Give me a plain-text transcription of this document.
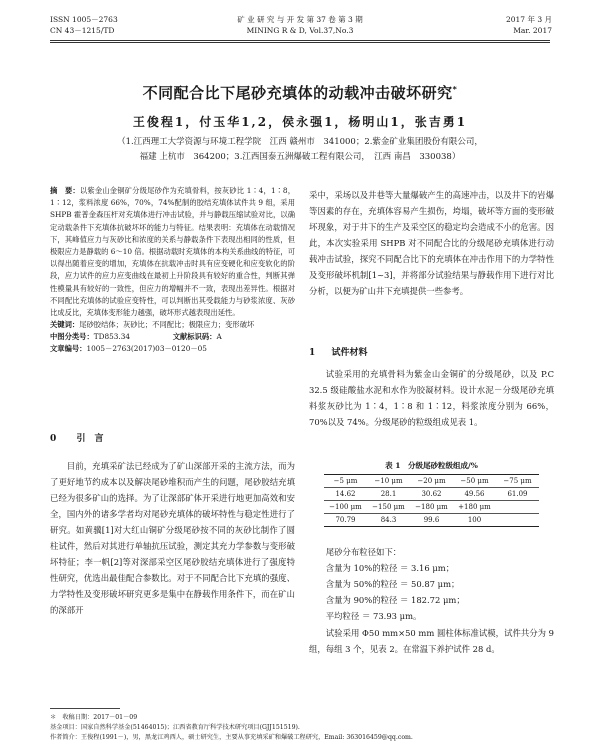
ISSN 1005－2763
CN 43－1215/TD
矿 业 研 究 与 开 发 第 37 卷 第 3 期
MINING R & D, Vol.37,No.3
2017 年 3 月
Mar. 2017
不同配合比下尾砂充填体的动载冲击破坏研究*
王俊程1，付玉华1,2，侯永强1，杨明山1，张吉勇1
（1.江西理工大学资源与环境工程学院　江西 赣州市　341000；2.紫金矿业集团股份有限公司，
福建 上杭市　364200；3.江西国泰五洲爆破工程有限公司，　江西 南昌　330038）
摘　要：以紫金山金铜矿分级尾砂作为充填骨料，按灰砂比 1∶4，1∶8，1∶12，浆料浓度 66%，70%，74%配制的胶结充填体试件共 9 组，采用 SHPB 霍普金森压杆对充填体进行冲击试验，并与静载压缩试验对比，以确定动载条件下充填体抗破坏坏的能力与特征。结果表明：充填体在动载情况下，其峰值应力与灰砂比和浓度的关系与静载条件下表现出相同的性质，但极限应力是静载的 6～10 倍。根据动载时充填体的本构关系曲线的特征，可以得出随着应变的增加，充填体在抗载冲击时具有应变硬化和应变软化的阶段，应力试件的应力应变曲线在最初上升阶段具有较好的重合性，判断其弹性模量具有较好的一致性，但应力的增幅并不一致，表现出差异性。根据对不同配比充填体的试验应变特性，可以判断出其受载能力与砂浆浓度、灰砂比成反比，充填体变形能力越强，破坏形式越表现出延性。
关键词：尾砂胶结体；灰砂比；不同配比；极限应力；变形破坏
中图分类号：TD853.34	文献标识码：A
文章编号：1005－2763(2017)03－0120－05
0 引　言
目前，充填采矿法已经成为了矿山深部开采的主流方法，而为了更好地节约成本以及解决尾砂堆积而产生的问题，尾砂胶结充填已经为很多矿山的选择。为了让深部矿体开采进行地更加高效和安全，国内外的诸多学者均对尾砂充填体的破坏特性与稳定性进行了研究。如黄骥[1]对大红山铜矿分级尾砂按不同的灰砂比制作了圆柱试件，然后对其进行单轴抗压试验，测定其充力学参数与变形破坏特征；李一帆[2]等对深部采空区尾砂胶结充填体进行了强度特性研究，优选出最佳配合参数比。对于不同配合比下充填的强度、力学特性及变形破坏研究更多是集中在静载作用条件下，而在矿山的深部开
采中，采场以及井巷等大量爆破产生的高速冲击，以及井下的岩爆等因素的存在，充填体容易产生损伤，垮塌，破坏等方面的变形破坏现象，对于井下的生产及采空区的稳定均会造成不小的危害。因此，本次实验采用 SHPB 对不同配合比的分级尾砂充填体进行动载冲击试验，探究不同配合比下的充填体在冲击作用下的力学特性及变形破坏机制[1~3]，并将部分试验结果与静载作用下进行对比分析，以便为矿山井下充填提供一些参考。
1 试件材料
试验采用的充填骨料为紫金山金铜矿的分级尾砂，以及 P.C 32.5 级硅酸盐水泥和水作为胶凝材料。设计水泥－分级尾砂充填料浆灰砂比为 1∶4，1∶8 和 1∶12，料浆浓度分别为 66%，70%以及 74%。分级尾砂的粒级组成见表 1。
表 1　分级尾砂粒级组成/%
−5 μm	−10 μm	−20 μm	−50 μm	−75 μm
14.62	28.1	30.62	49.56	61.09
−100 μm	−150 μm	−180 μm	+180 μm	
70.79	84.3	99.6	100	
尾砂分布粒径如下：
含量为 10%的粒径 ＝ 3.16 μm；
含量为 50%的粒径 ＝ 50.87 μm；
含量为 90%的粒径 ＝ 182.72 μm；
平均粒径 ＝ 73.93 μm。
试验采用 Φ50 mm×50 mm 圆柱体标准试模，试件共分为 9 组，每组 3 个，见表 2。在常温下养护试件 28 d。
＊　收稿日期：2017－01－09
基金项目：国家自然科学基金(51464015)；江西省教育厅科学技术研究项目(GJJ151519).
作者简介：王俊程(1991－)，男，黑龙江鸡西人，硕士研究生，主要从事充填采矿和爆破工程研究，Email: 363016459@qq.com.
